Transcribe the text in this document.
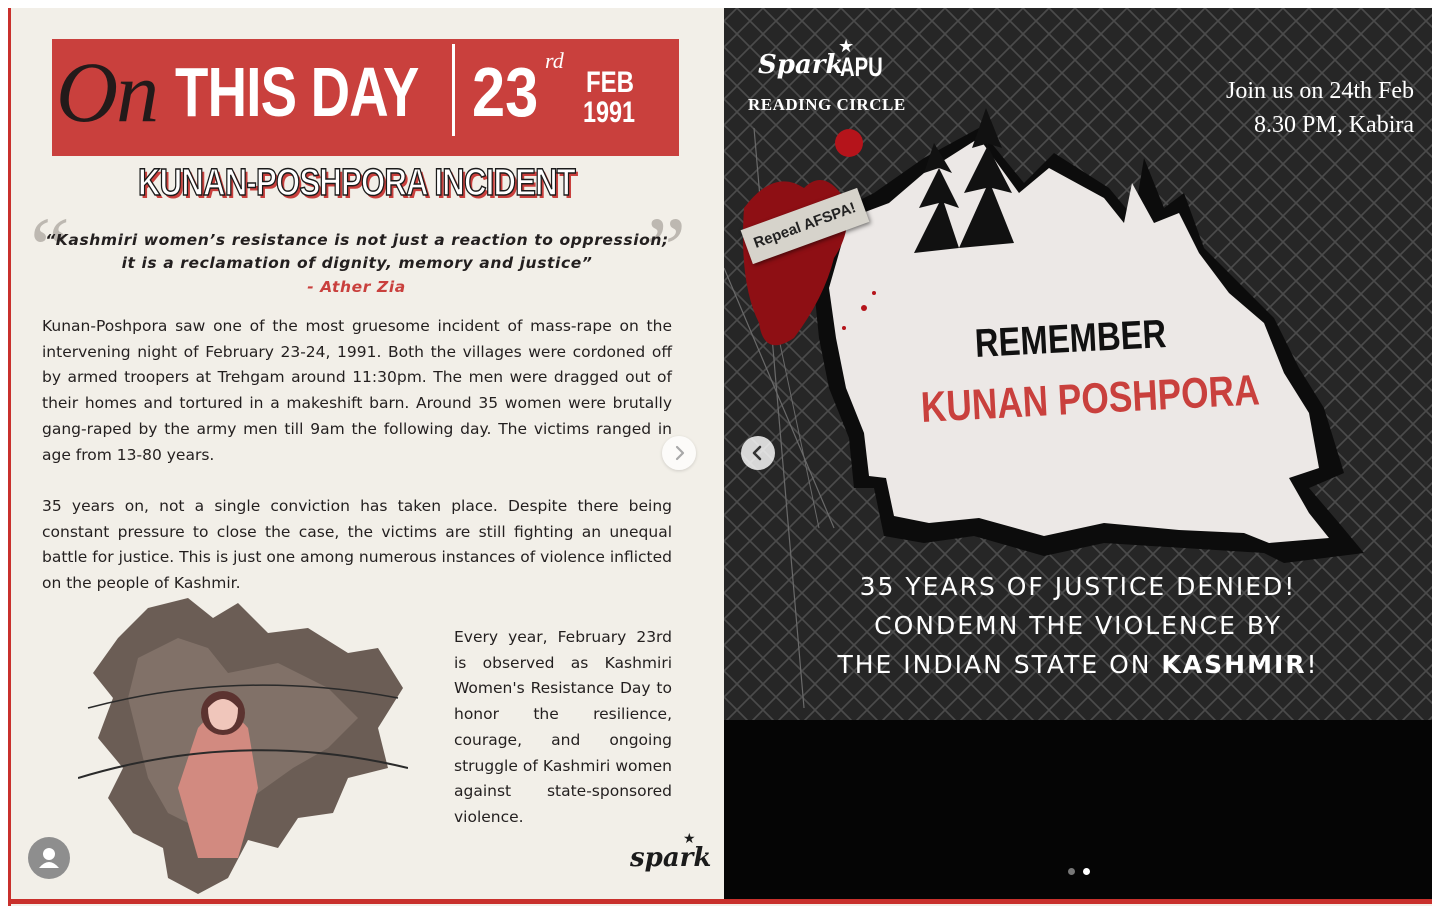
On THIS DAY 23 rd
FEB
1991
KUNAN-POSHPORA INCIDENT
“	”
“Kashmiri women’s resistance is not just a reaction to oppression; it is a reclamation of dignity, memory and justice”
- Ather Zia
Kunan-Poshpora saw one of the most gruesome incident of mass-rape on the intervening night of February 23-24, 1991. Both the villages were cordoned off by armed troopers at Trehgam around 11:30pm. The men were dragged out of their homes and tortured in a makeshift barn. Around 35 women were brutally gang-raped by the army men till 9am the following day. The victims ranged in age from 13-80 years.
35 years on, not a single conviction has taken place. Despite there being constant pressure to close the case, the victims are still fighting an unequal battle for justice. This is just one among numerous instances of violence inflicted on the people of Kashmir.
Every year, February 23rd is observed as Kashmiri Women's Resistance Day to honor the resilience, courage, and ongoing struggle of Kashmiri women against state-sponsored violence.
spark
★
Spark
★
APU
READING CIRCLE
Join us on 24th Feb
8.30 PM, Kabira
Repeal AFSPA!
REMEMBER
KUNAN POSHPORA
35 YEARS OF JUSTICE DENIED!
CONDEMN THE VIOLENCE BY
THE INDIAN STATE ON KASHMIR!
